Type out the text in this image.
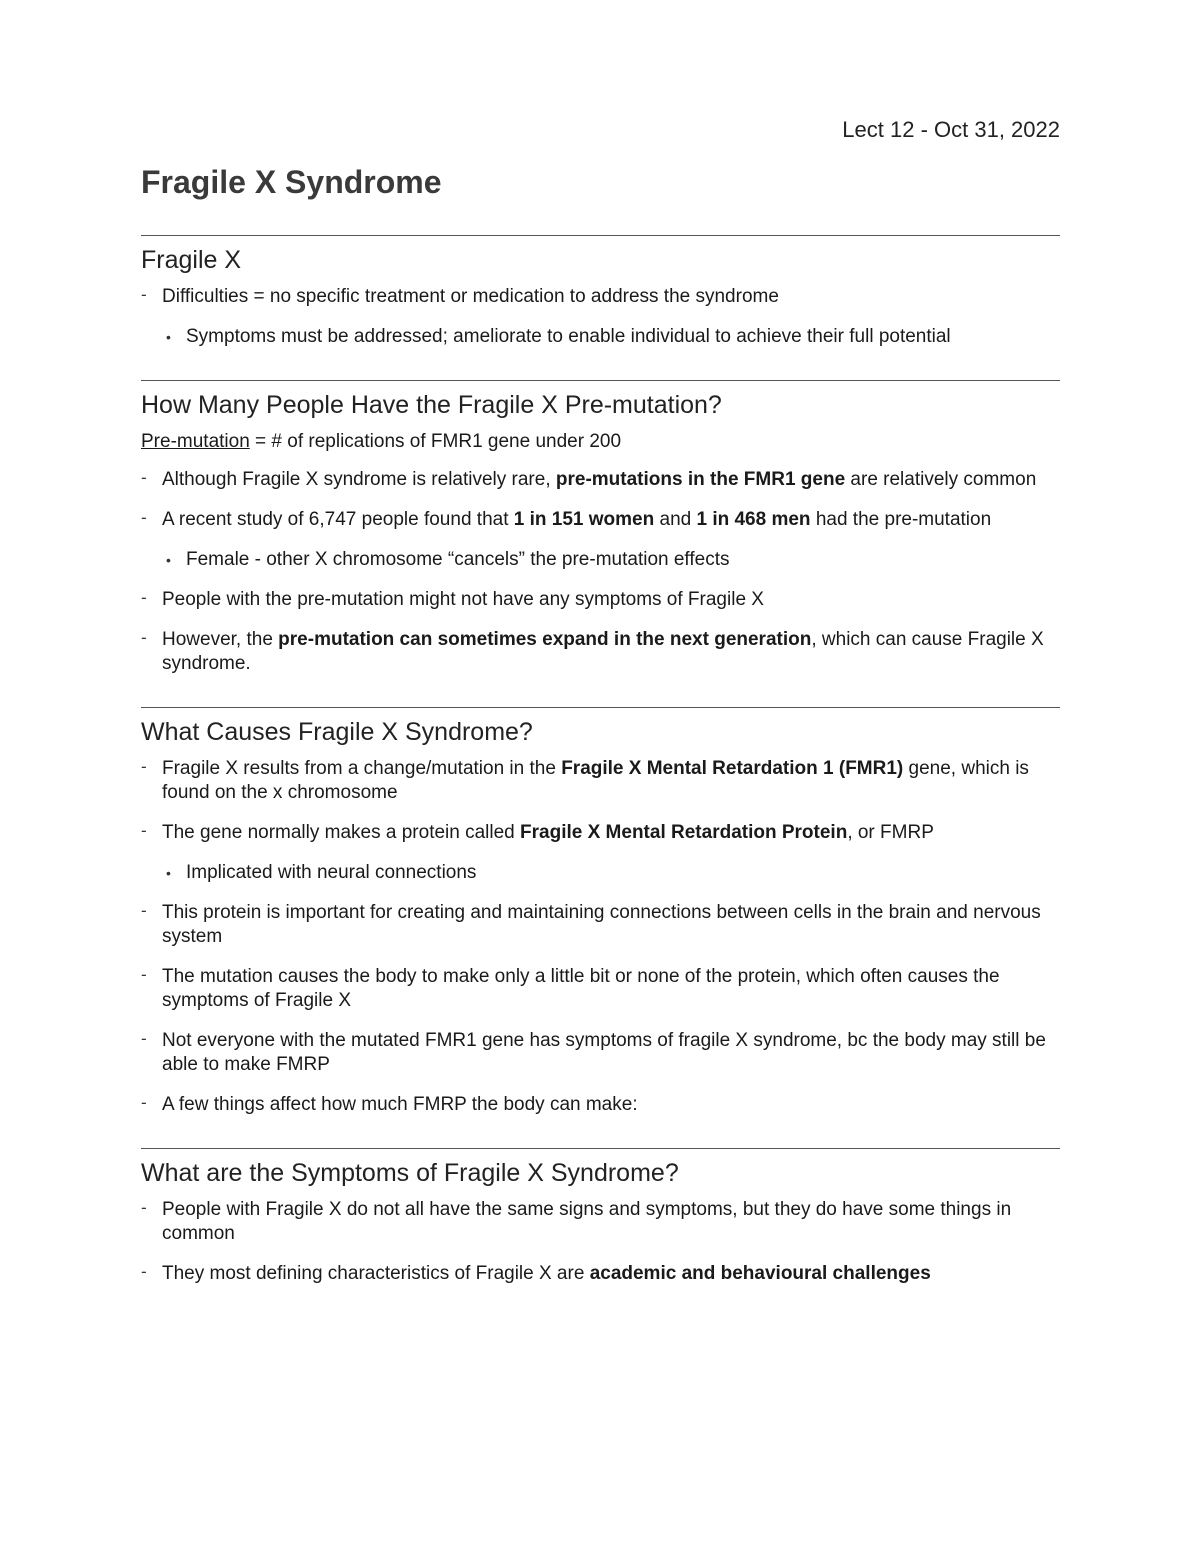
Lect 12 - Oct 31, 2022

Fragile X Syndrome
Fragile X
- Difficulties = no specific treatment or medication to address the syndrome
• Symptoms must be addressed; ameliorate to enable individual to achieve their full potential
How Many People Have the Fragile X Pre-mutation?

Pre-mutation = # of replications of FMR1 gene under 200

- Although Fragile X syndrome is relatively rare, pre-mutations in the FMR1 gene are relatively common
- A recent study of 6,747 people found that 1 in 151 women and 1 in 468 men had the pre-mutation
• Female - other X chromosome “cancels” the pre-mutation effects
- People with the pre-mutation might not have any symptoms of Fragile X
- However, the pre-mutation can sometimes expand in the next generation, which can cause Fragile X syndrome.
What Causes Fragile X Syndrome?
- Fragile X results from a change/mutation in the Fragile X Mental Retardation 1 (FMR1) gene, which is found on the x chromosome
- The gene normally makes a protein called Fragile X Mental Retardation Protein, or FMRP
• Implicated with neural connections
- This protein is important for creating and maintaining connections between cells in the brain and nervous system
- The mutation causes the body to make only a little bit or none of the protein, which often causes the symptoms of Fragile X
- Not everyone with the mutated FMR1 gene has symptoms of fragile X syndrome, bc the body may still be able to make FMRP
- A few things affect how much FMRP the body can make:
What are the Symptoms of Fragile X Syndrome?
- People with Fragile X do not all have the same signs and symptoms, but they do have some things in common
- They most defining characteristics of Fragile X are academic and behavioural challenges
